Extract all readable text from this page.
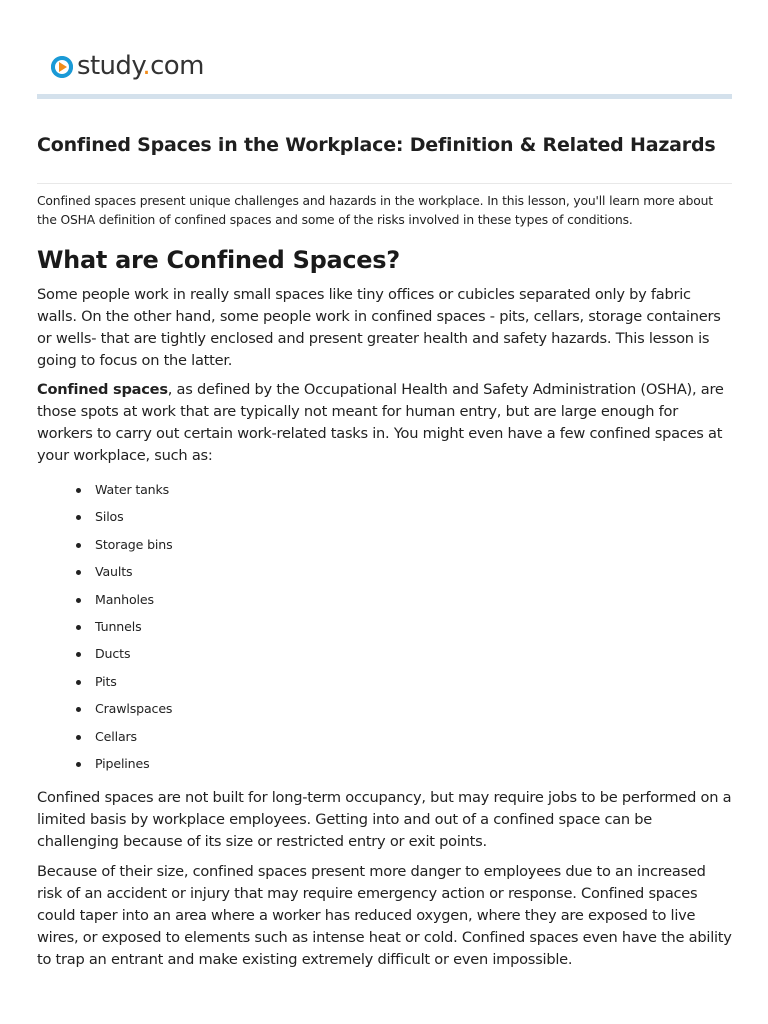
study.com
Confined Spaces in the Workplace: Definition & Related Hazards

Confined spaces present unique challenges and hazards in the workplace. In this lesson, you'll learn more about the OSHA definition of confined spaces and some of the risks involved in these types of conditions.

What are Confined Spaces?

Some people work in really small spaces like tiny offices or cubicles separated only by fabric walls. On the other hand, some people work in confined spaces - pits, cellars, storage containers or wells- that are tightly enclosed and present greater health and safety hazards. This lesson is going to focus on the latter.

Confined spaces, as defined by the Occupational Health and Safety Administration (OSHA), are those spots at work that are typically not meant for human entry, but are large enough for workers to carry out certain work-related tasks in. You might even have a few confined spaces at your workplace, such as:

Water tanks
Silos
Storage bins
Vaults
Manholes
Tunnels
Ducts
Pits
Crawlspaces
Cellars
Pipelines

Confined spaces are not built for long-term occupancy, but may require jobs to be performed on a limited basis by workplace employees. Getting into and out of a confined space can be challenging because of its size or restricted entry or exit points.

Because of their size, confined spaces present more danger to employees due to an increased risk of an accident or injury that may require emergency action or response. Confined spaces could taper into an area where a worker has reduced oxygen, where they are exposed to live wires, or exposed to elements such as intense heat or cold. Confined spaces even have the ability to trap an entrant and make existing extremely difficult or even impossible.
